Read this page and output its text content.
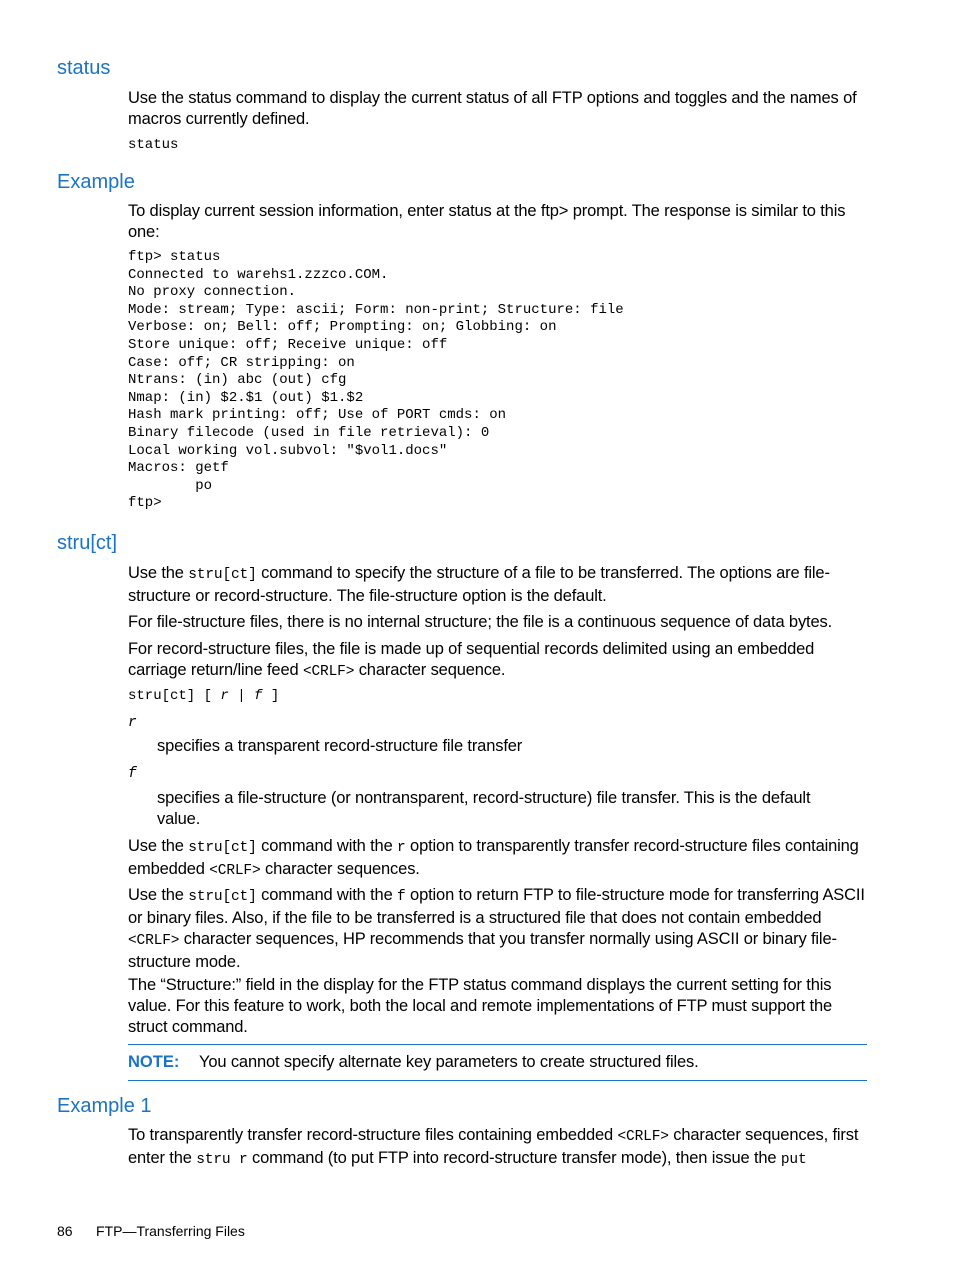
status

Use the status command to display the current status of all FTP options and toggles and the names of macros currently defined.

status
Example

To display current session information, enter status at the ftp> prompt. The response is similar to this one:

ftp> status
Connected to warehs1.zzzco.COM.
No proxy connection.
Mode: stream; Type: ascii; Form: non-print; Structure: file
Verbose: on; Bell: off; Prompting: on; Globbing: on
Store unique: off; Receive unique: off
Case: off; CR stripping: on
Ntrans: (in) abc (out) cfg
Nmap: (in) $2.$1 (out) $1.$2
Hash mark printing: off; Use of PORT cmds: on
Binary filecode (used in file retrieval): 0
Local working vol.subvol: "$vol1.docs"
Macros: getf
po
ftp>
stru[ct]

Use the stru[ct] command to specify the structure of a file to be transferred. The options are file-structure or record-structure. The file-structure option is the default.

For file-structure files, there is no internal structure; the file is a continuous sequence of data bytes.

For record-structure files, the file is made up of sequential records delimited using an embedded carriage return/line feed <CRLF> character sequence.

stru[ct] [ r | f ]
r

specifies a transparent record-structure file transfer

f

specifies a file-structure (or nontransparent, record-structure) file transfer. This is the default value.

Use the stru[ct] command with the r option to transparently transfer record-structure files containing embedded <CRLF> character sequences.

Use the stru[ct] command with the f option to return FTP to file-structure mode for transferring ASCII or binary files. Also, if the file to be transferred is a structured file that does not contain embedded <CRLF> character sequences, HP recommends that you transfer normally using ASCII or binary file-structure mode.

The “Structure:” field in the display for the FTP status command displays the current setting for this value. For this feature to work, both the local and remote implementations of FTP must support the struct command.

NOTE: You cannot specify alternate key parameters to create structured files.
Example 1

To transparently transfer record-structure files containing embedded <CRLF> character sequences, first enter the stru r command (to put FTP into record-structure transfer mode), then issue the put

86 FTP—Transferring Files
